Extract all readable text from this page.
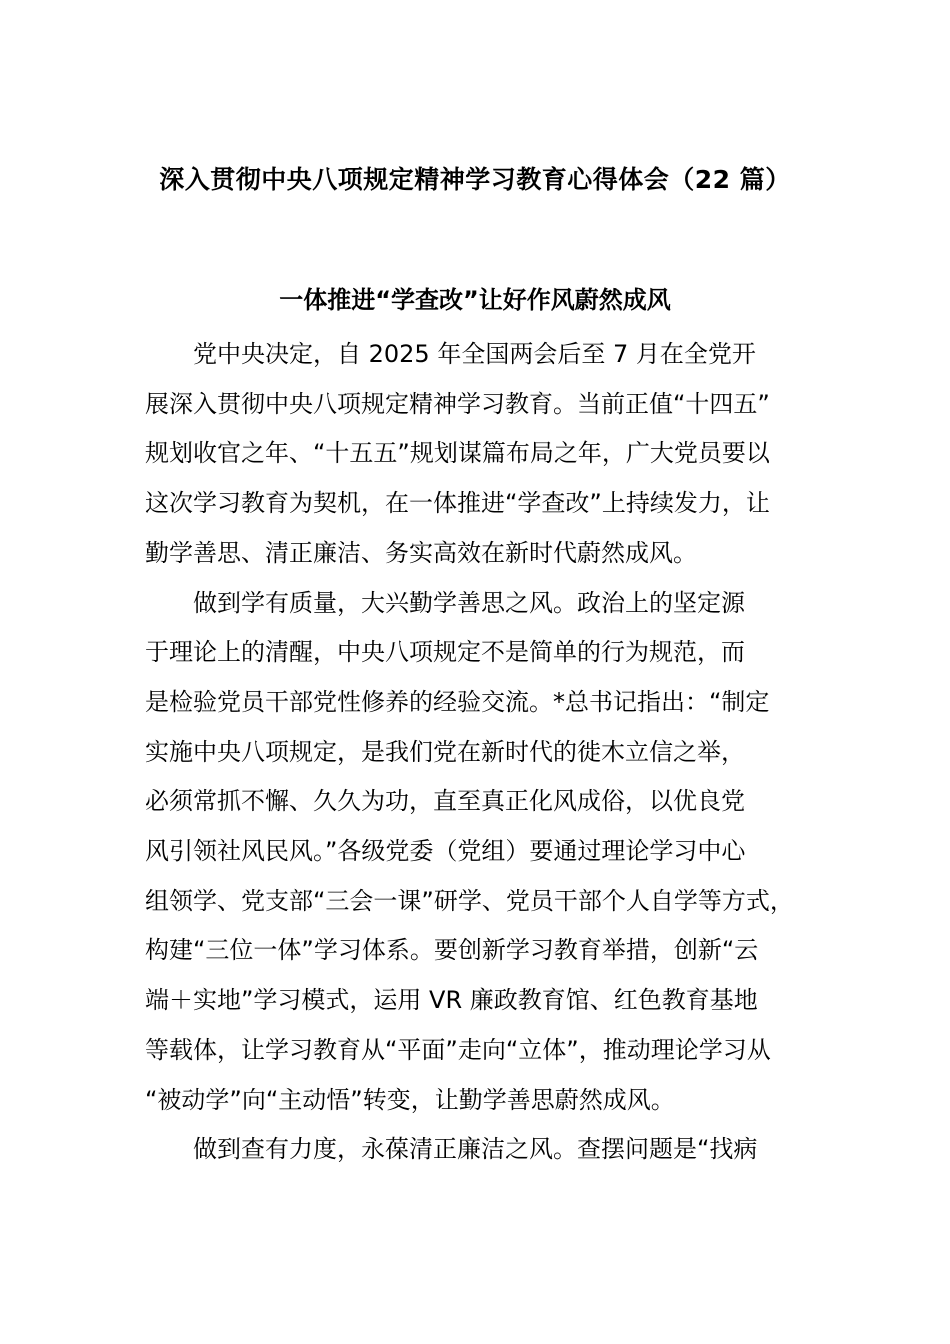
深入贯彻中央八项规定精神学习教育心得体会（22 篇）
一体推进“学查改”让好作风蔚然成风

党中央决定，自 2025 年全国两会后至 7 月在全党开
展深入贯彻中央八项规定精神学习教育。当前正值“十四五”
规划收官之年、“十五五”规划谋篇布局之年，广大党员要以
这次学习教育为契机，在一体推进“学查改”上持续发力，让
勤学善思、清正廉洁、务实高效在新时代蔚然成风。

做到学有质量，大兴勤学善思之风。政治上的坚定源
于理论上的清醒，中央八项规定不是简单的行为规范，而
是检验党员干部党性修养的经验交流。*总书记指出：“制定
实施中央八项规定，是我们党在新时代的徙木立信之举，
必须常抓不懈、久久为功，直至真正化风成俗，以优良党
风引领社风民风。”各级党委（党组）要通过理论学习中心
组领学、党支部“三会一课”研学、党员干部个人自学等方式，
构建“三位一体”学习体系。要创新学习教育举措，创新“云
端＋实地”学习模式，运用 VR 廉政教育馆、红色教育基地
等载体，让学习教育从“平面”走向“立体”，推动理论学习从
“被动学”向“主动悟”转变，让勤学善思蔚然成风。

做到查有力度，永葆清正廉洁之风。查摆问题是“找病
